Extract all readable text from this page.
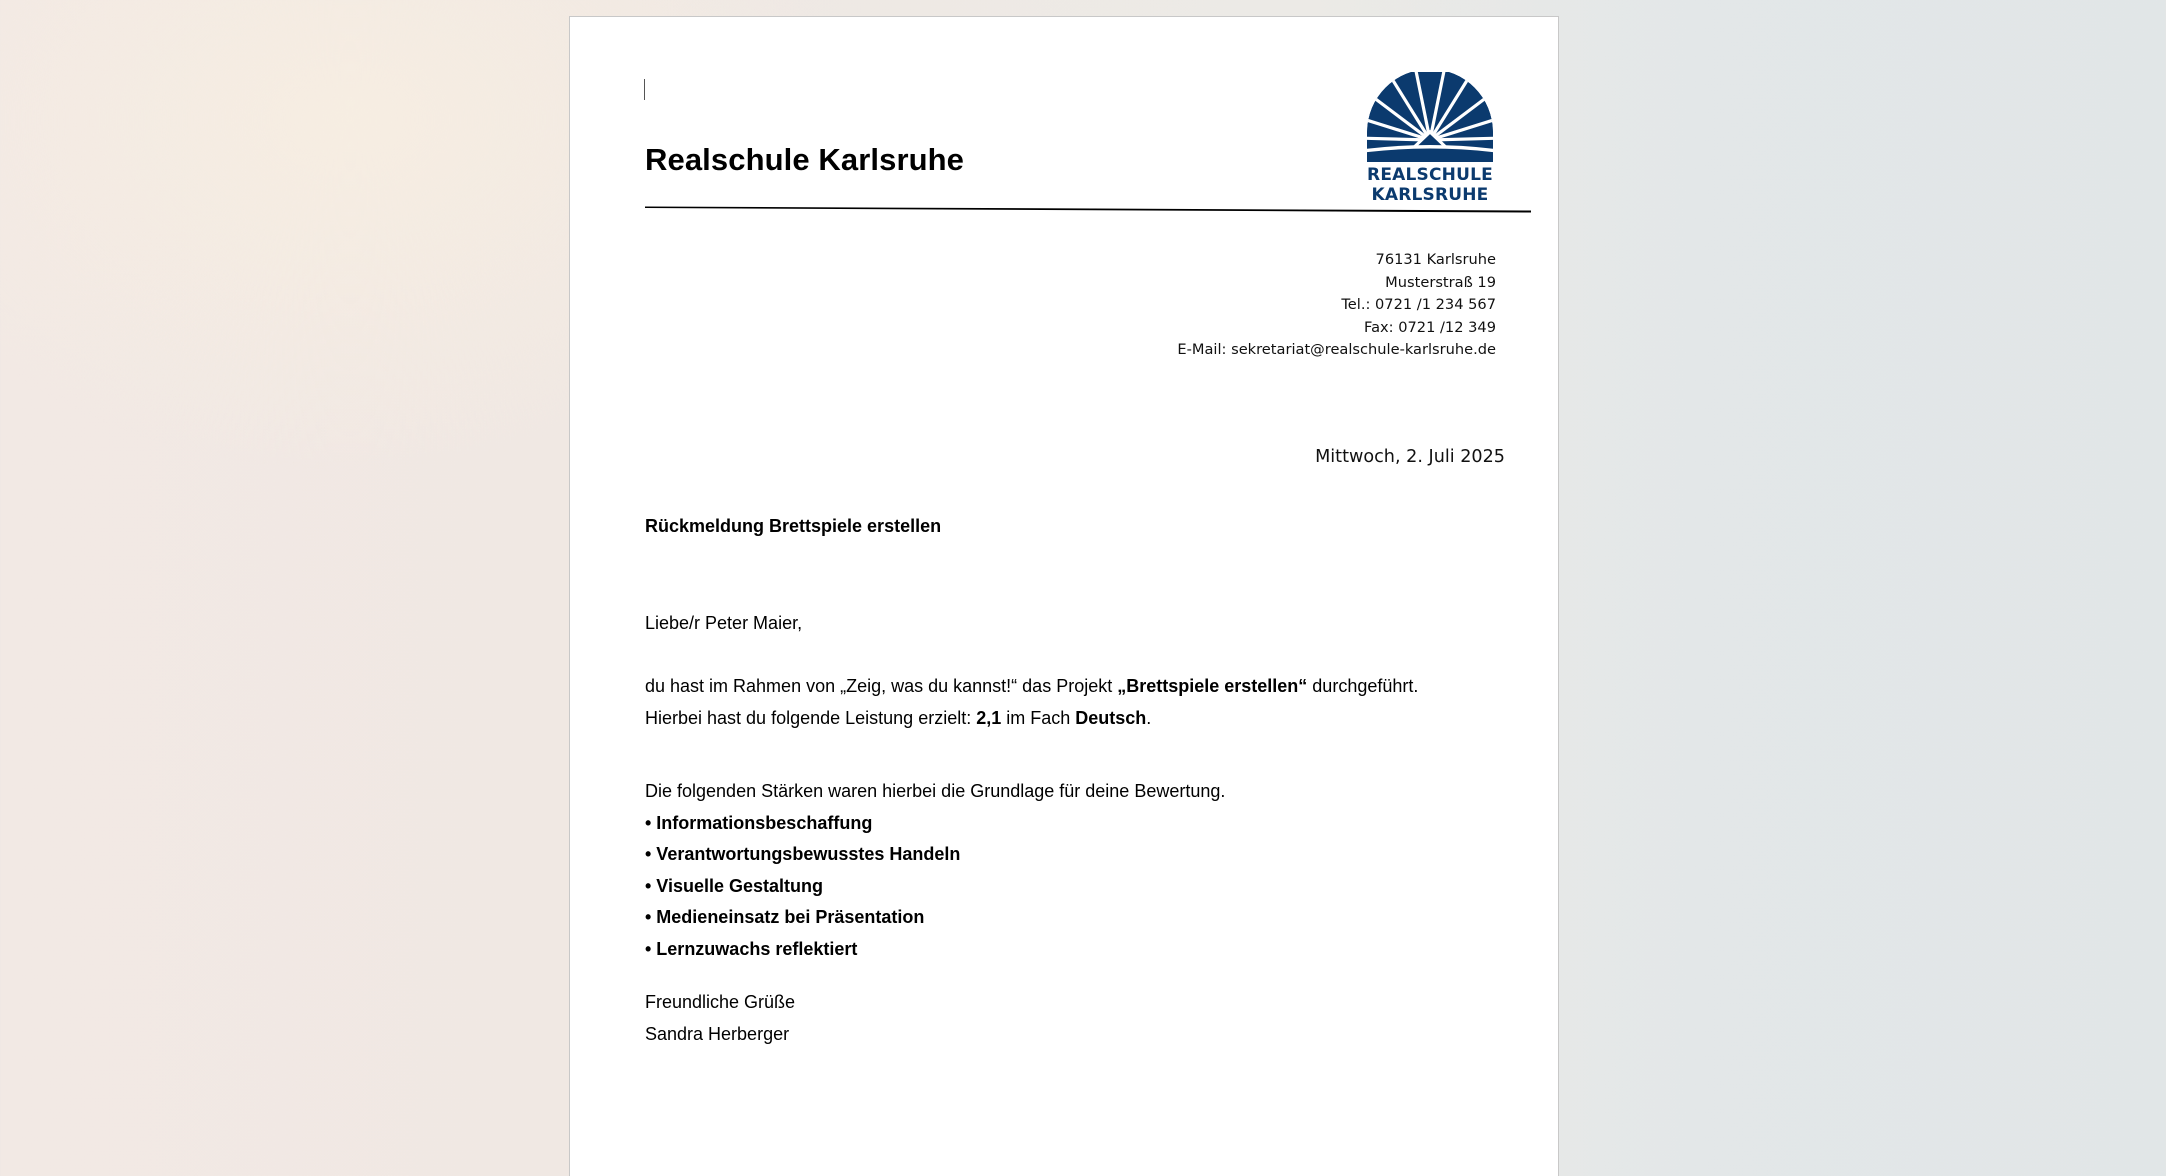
Realschule Karlsruhe	REALSCHULE
KARLSRUHE
76131 Karlsruhe
Musterstraß 19
Tel.: 0721 /1 234 567
Fax: 0721 /12 349
E-Mail: sekretariat@realschule-karlsruhe.de
Mittwoch, 2. Juli 2025
Rückmeldung Brettspiele erstellen
Liebe/r Peter Maier,

du hast im Rahmen von „Zeig, was du kannst!“ das Projekt „Brettspiele erstellen“ durchgeführt.

Hierbei hast du folgende Leistung erzielt: 2,1 im Fach Deutsch.

Die folgenden Stärken waren hierbei die Grundlage für deine Bewertung.

• Informationsbeschaffung
• Verantwortungsbewusstes Handeln
• Visuelle Gestaltung
• Medieneinsatz bei Präsentation
• Lernzuwachs reflektiert

Freundliche Grüße

Sandra Herberger
